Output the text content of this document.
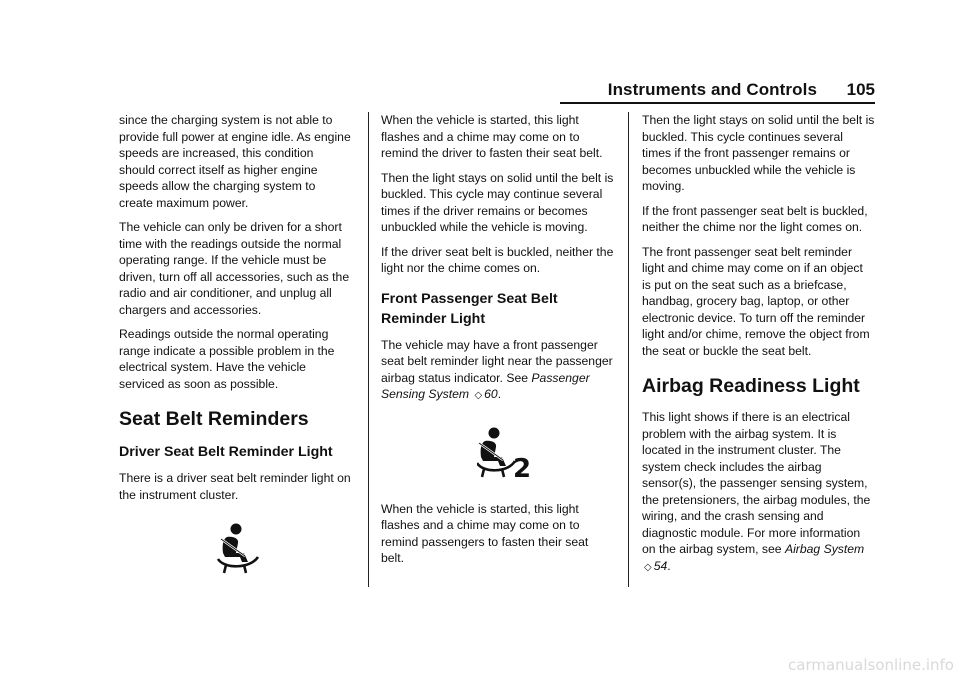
Instruments and Controls 105

since the charging system is not able to provide full power at engine idle. As engine speeds are increased, this condition should correct itself as higher engine speeds allow the charging system to create maximum power.

The vehicle can only be driven for a short time with the readings outside the normal operating range. If the vehicle must be driven, turn off all accessories, such as the radio and air conditioner, and unplug all chargers and accessories.

Readings outside the normal operating range indicate a possible problem in the electrical system. Have the vehicle serviced as soon as possible.

Seat Belt Reminders
Driver Seat Belt Reminder Light

There is a driver seat belt reminder light on the instrument cluster.

When the vehicle is started, this light flashes and a chime may come on to remind the driver to fasten their seat belt.

Then the light stays on solid until the belt is buckled. This cycle may continue several times if the driver remains or becomes unbuckled while the vehicle is moving.

If the driver seat belt is buckled, neither the light nor the chime comes on.

Front Passenger Seat Belt Reminder Light

The vehicle may have a front passenger seat belt reminder light near the passenger airbag status indicator. See Passenger Sensing System ◇ 60.

2

When the vehicle is started, this light flashes and a chime may come on to remind passengers to fasten their seat belt.

Then the light stays on solid until the belt is buckled. This cycle continues several times if the front passenger remains or becomes unbuckled while the vehicle is moving.

If the front passenger seat belt is buckled, neither the chime nor the light comes on.

The front passenger seat belt reminder light and chime may come on if an object is put on the seat such as a briefcase, handbag, grocery bag, laptop, or other electronic device. To turn off the reminder light and/or chime, remove the object from the seat or buckle the seat belt.

Airbag Readiness Light

This light shows if there is an electrical problem with the airbag system. It is located in the instrument cluster. The system check includes the airbag sensor(s), the passenger sensing system, the pretensioners, the airbag modules, the wiring, and the crash sensing and diagnostic module. For more information on the airbag system, see Airbag System ◇ 54.

carmanualsonline.info
